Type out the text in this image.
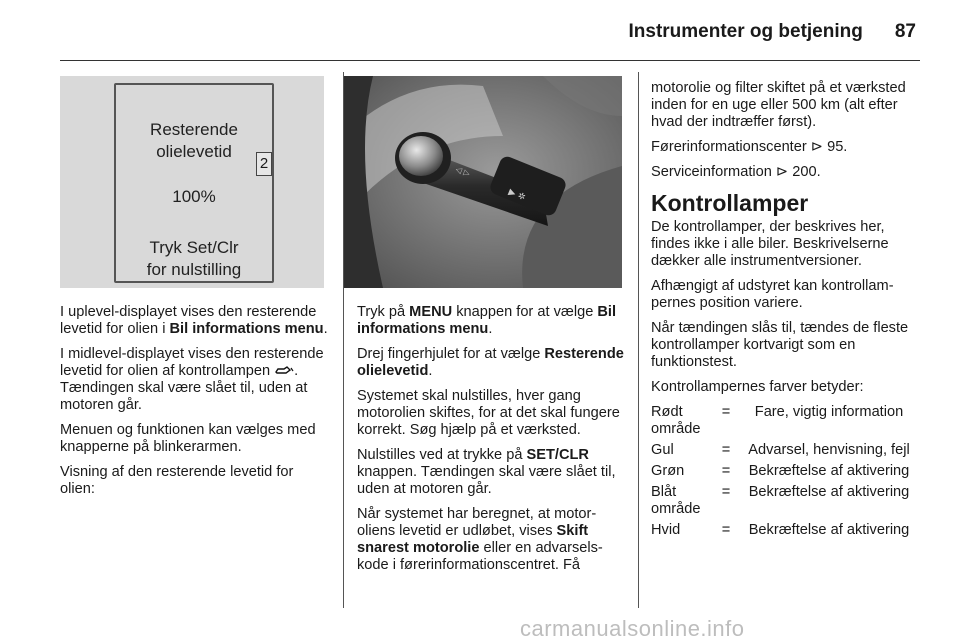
Instrumenter og betjening 87
Resterende
olielevetid
100%
Tryk Set/Clr
for nulstilling
2	◁ ▷
▶ ✲

I uplevel-displayet vises den resterende levetid for olien i Bil informations menu.

I midlevel-displayet vises den resterende levetid for olien af kontrollampen . Tændingen skal være slået til, uden at motoren går.

Menuen og funktionen kan vælges med knapperne på blinkerarmen.

Visning af den resterende levetid for olien:

Tryk på MENU knappen for at vælge Bil informations menu.

Drej fingerhjulet for at vælge Resterende olielevetid.

Systemet skal nulstilles, hver gang motorolien skiftes, for at det skal fungere korrekt. Søg hjælp på et værksted.

Nulstilles ved at trykke på SET/CLR knappen. Tændingen skal være slået til, uden at motoren går.

Når systemet har beregnet, at motoroliens levetid er udløbet, vises Skift snarest motorolie eller en advarselskode i førerinformationscentret. Få

motorolie og filter skiftet på et værksted inden for en uge eller 500 km (alt efter hvad der indtræffer først).

Førerinformationscenter ⊳ 95.

Serviceinformation ⊳ 200.

Kontrollamper

De kontrollamper, der beskrives her, findes ikke i alle biler. Beskrivelserne dækker alle instrumentversioner.

Afhængigt af udstyret kan kontrollampernes position variere.

Når tændingen slås til, tændes de fleste kontrollamper kortvarigt som en funktionstest.

Kontrollampernes farver betyder:

Rødt område	=	Fare, vigtig information
Gul	=	Advarsel, henvisning, fejl
Grøn	=	Bekræftelse af aktivering
Blåt område	=	Bekræftelse af aktivering
Hvid	=	Bekræftelse af aktivering
carmanualsonline.info
